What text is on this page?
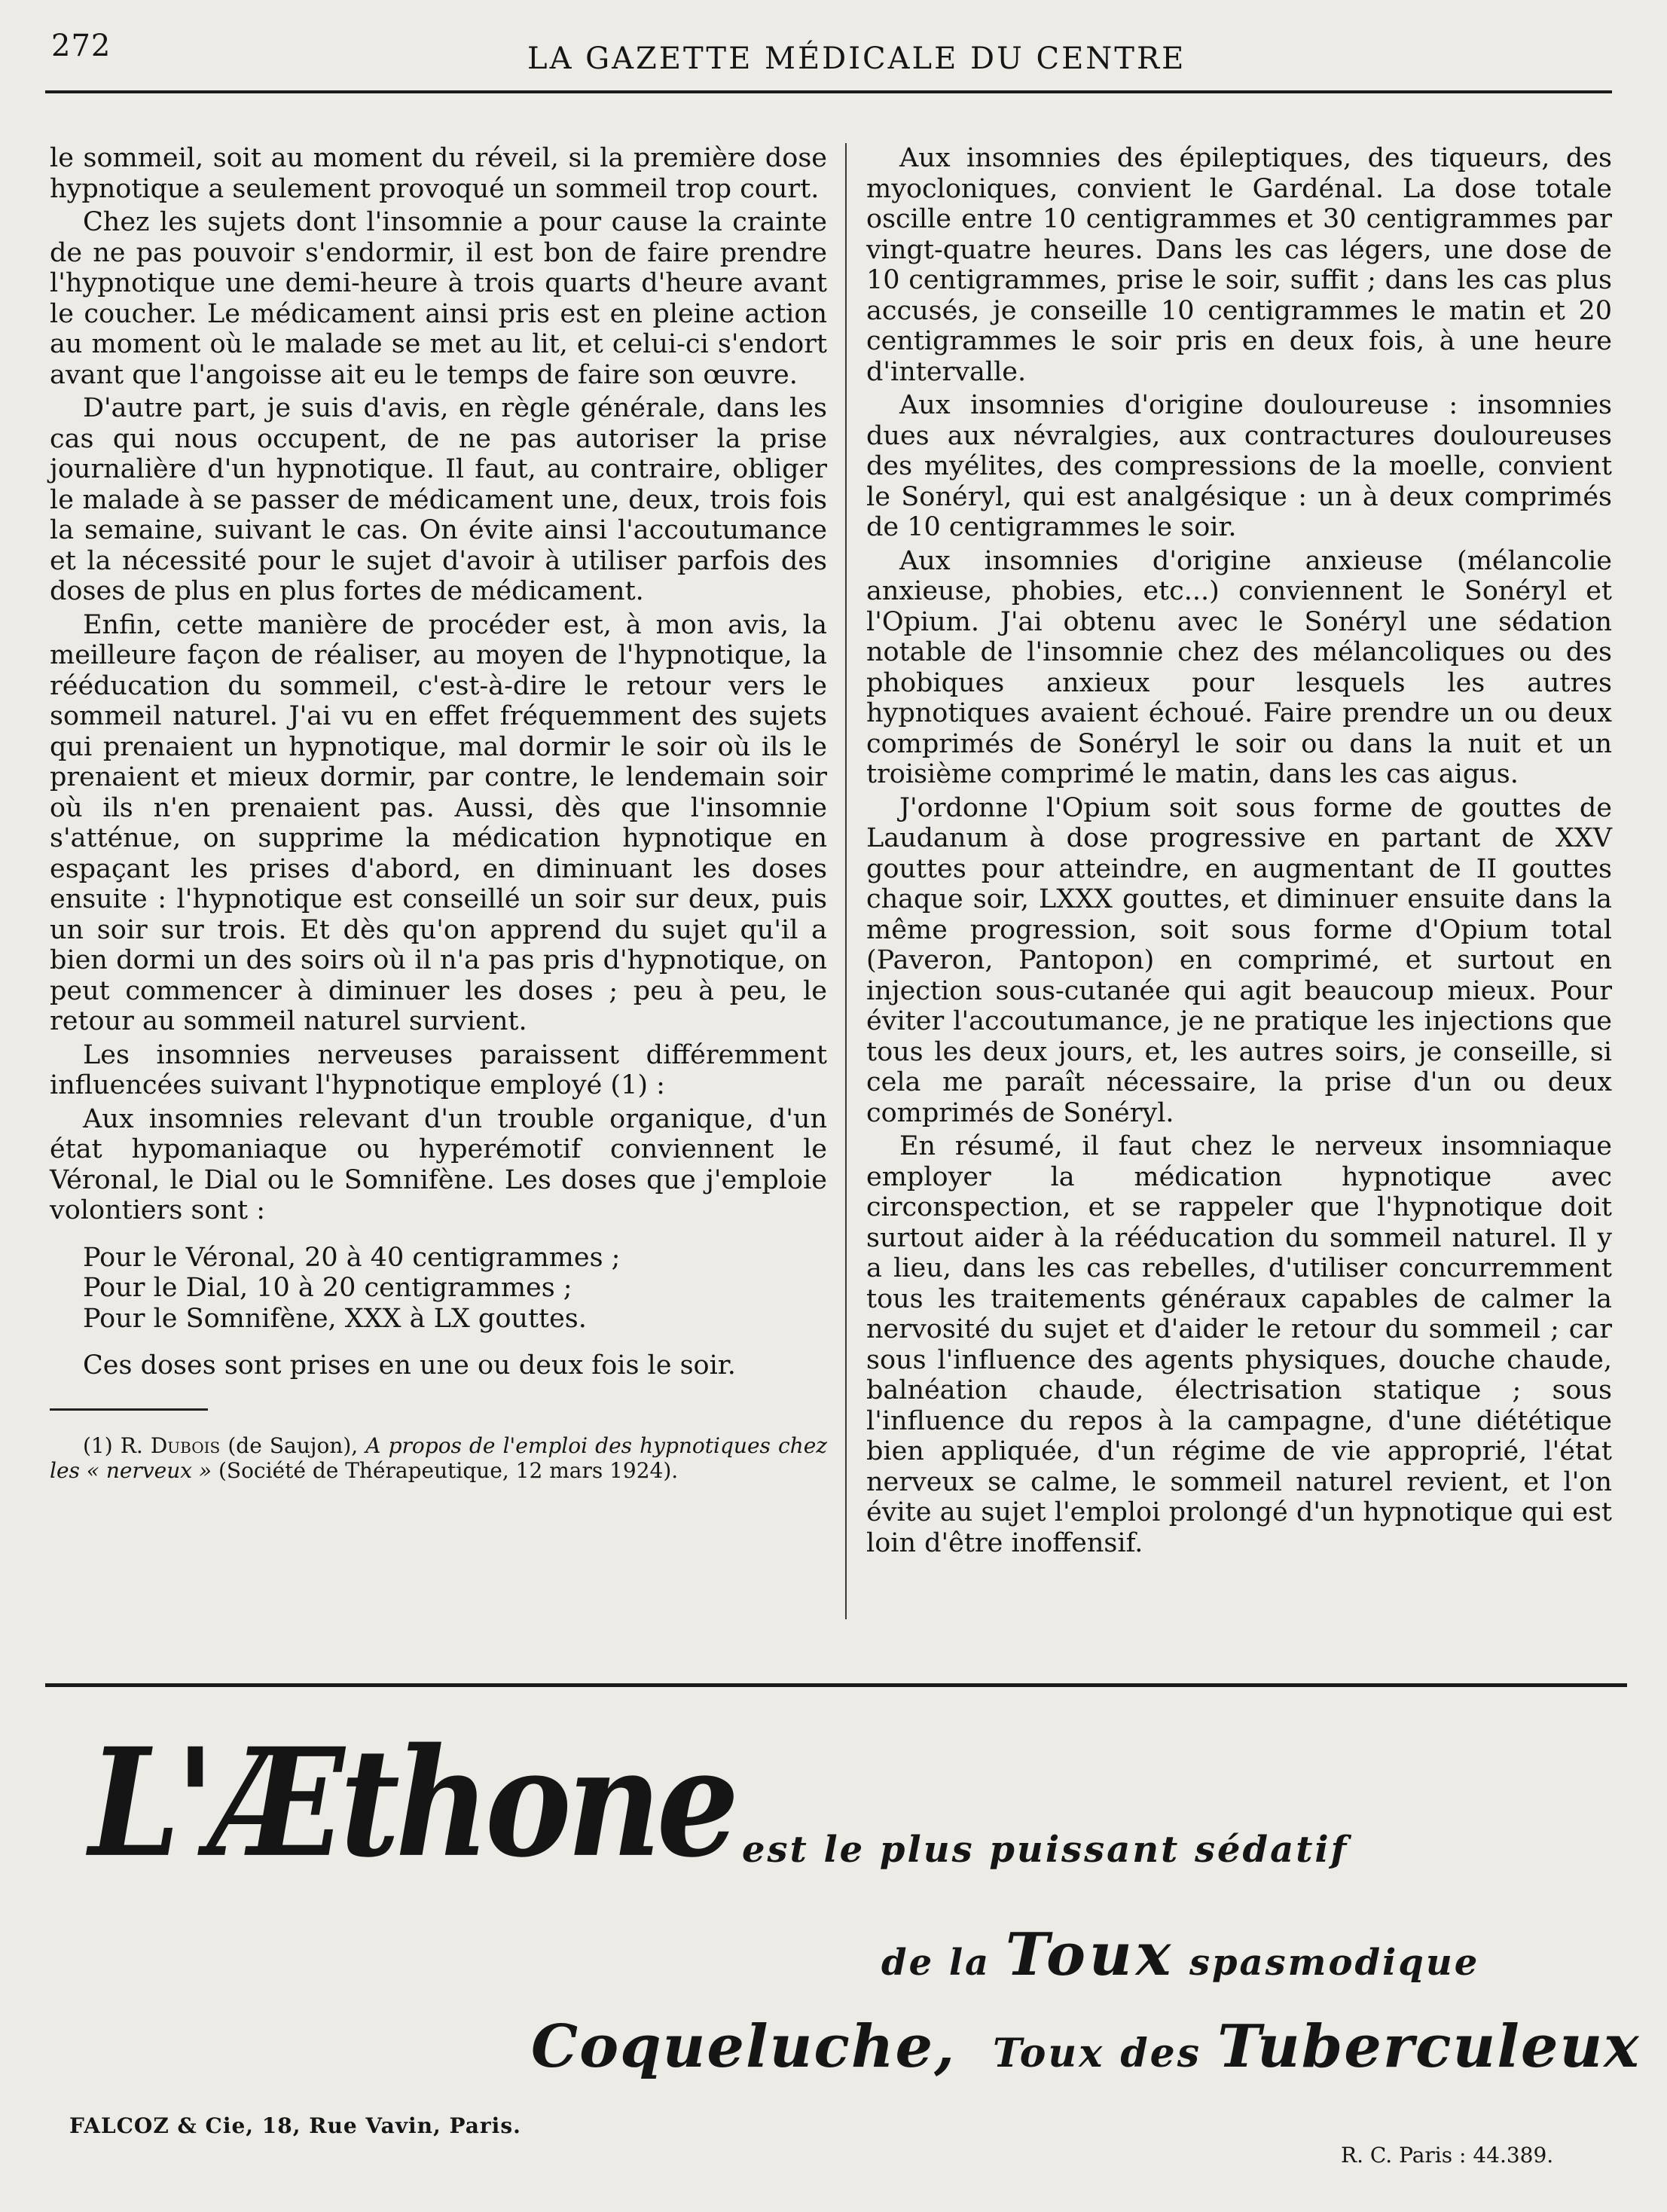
272	LA GAZETTE MÉDICALE DU CENTRE

le sommeil, soit au moment du réveil, si la première dose hypnotique a seulement provoqué un sommeil trop court.

Chez les sujets dont l'insomnie a pour cause la crainte de ne pas pouvoir s'endormir, il est bon de faire prendre l'hypnotique une demi-heure à trois quarts d'heure avant le coucher. Le médicament ainsi pris est en pleine action au moment où le malade se met au lit, et celui-ci s'endort avant que l'angoisse ait eu le temps de faire son œuvre.

D'autre part, je suis d'avis, en règle générale, dans les cas qui nous occupent, de ne pas autoriser la prise journalière d'un hypnotique. Il faut, au contraire, obliger le malade à se passer de médicament une, deux, trois fois la semaine, suivant le cas. On évite ainsi l'accoutumance et la nécessité pour le sujet d'avoir à utiliser parfois des doses de plus en plus fortes de médicament.

Enfin, cette manière de procéder est, à mon avis, la meilleure façon de réaliser, au moyen de l'hypnotique, la rééducation du sommeil, c'est-à-dire le retour vers le sommeil naturel. J'ai vu en effet fréquemment des sujets qui prenaient un hypnotique, mal dormir le soir où ils le prenaient et mieux dormir, par contre, le lendemain soir où ils n'en prenaient pas. Aussi, dès que l'insomnie s'atténue, on supprime la médication hypnotique en espaçant les prises d'abord, en diminuant les doses ensuite : l'hypnotique est conseillé un soir sur deux, puis un soir sur trois. Et dès qu'on apprend du sujet qu'il a bien dormi un des soirs où il n'a pas pris d'hypnotique, on peut commencer à diminuer les doses ; peu à peu, le retour au sommeil naturel survient.

Les insomnies nerveuses paraissent différemment influencées suivant l'hypnotique employé (1) :

Aux insomnies relevant d'un trouble organique, d'un état hypomaniaque ou hyperémotif conviennent le Véronal, le Dial ou le Somnifène. Les doses que j'emploie volontiers sont :

Pour le Véronal, 20 à 40 centigrammes ;
Pour le Dial, 10 à 20 centigrammes ;
Pour le Somnifène, XXX à LX gouttes.

Ces doses sont prises en une ou deux fois le soir.

(1) R. Dubois (de Saujon), A propos de l'emploi des hypnotiques chez les « nerveux » (Société de Thérapeutique, 12 mars 1924).

Aux insomnies des épileptiques, des tiqueurs, des myocloniques, convient le Gardénal. La dose totale oscille entre 10 centigrammes et 30 centigrammes par vingt-quatre heures. Dans les cas légers, une dose de 10 centigrammes, prise le soir, suffit ; dans les cas plus accusés, je conseille 10 centigrammes le matin et 20 centigrammes le soir pris en deux fois, à une heure d'intervalle.

Aux insomnies d'origine douloureuse : insomnies dues aux névralgies, aux contractures douloureuses des myélites, des compressions de la moelle, convient le Sonéryl, qui est analgésique : un à deux comprimés de 10 centigrammes le soir.

Aux insomnies d'origine anxieuse (mélancolie anxieuse, phobies, etc...) conviennent le Sonéryl et l'Opium. J'ai obtenu avec le Sonéryl une sédation notable de l'insomnie chez des mélancoliques ou des phobiques anxieux pour lesquels les autres hypnotiques avaient échoué. Faire prendre un ou deux comprimés de Sonéryl le soir ou dans la nuit et un troisième comprimé le matin, dans les cas aigus.

J'ordonne l'Opium soit sous forme de gouttes de Laudanum à dose progressive en partant de XXV gouttes pour atteindre, en augmentant de II gouttes chaque soir, LXXX gouttes, et diminuer ensuite dans la même progression, soit sous forme d'Opium total (Paveron, Pantopon) en comprimé, et surtout en injection sous-cutanée qui agit beaucoup mieux. Pour éviter l'accoutumance, je ne pratique les injections que tous les deux jours, et, les autres soirs, je conseille, si cela me paraît nécessaire, la prise d'un ou deux comprimés de Sonéryl.

En résumé, il faut chez le nerveux insomniaque employer la médication hypnotique avec circonspection, et se rappeler que l'hypnotique doit surtout aider à la rééducation du sommeil naturel. Il y a lieu, dans les cas rebelles, d'utiliser concurremment tous les traitements généraux capables de calmer la nervosité du sujet et d'aider le retour du sommeil ; car sous l'influence des agents physiques, douche chaude, balnéation chaude, électrisation statique ; sous l'influence du repos à la campagne, d'une diététique bien appliquée, d'un régime de vie approprié, l'état nerveux se calme, le sommeil naturel revient, et l'on évite au sujet l'emploi prolongé d'un hypnotique qui est loin d'être inoffensif.

L'Æthone est le plus puissant sédatif
de la Toux spasmodique
Coqueluche, Toux des Tuberculeux
FALCOZ & Cie, 18, Rue Vavin, Paris.
R. C. Paris : 44.389.
